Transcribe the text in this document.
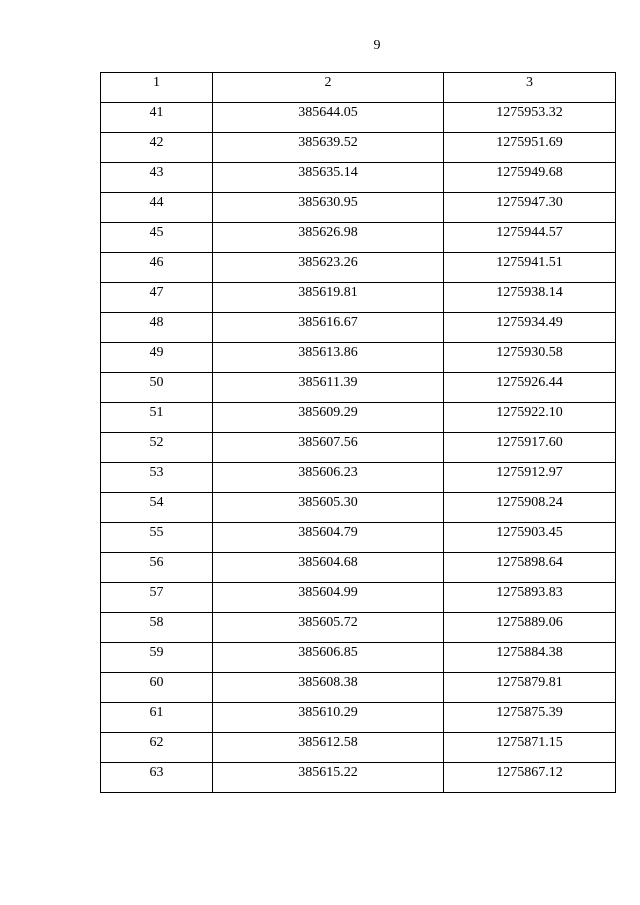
9
1	2	3
41	385644.05	1275953.32
42	385639.52	1275951.69
43	385635.14	1275949.68
44	385630.95	1275947.30
45	385626.98	1275944.57
46	385623.26	1275941.51
47	385619.81	1275938.14
48	385616.67	1275934.49
49	385613.86	1275930.58
50	385611.39	1275926.44
51	385609.29	1275922.10
52	385607.56	1275917.60
53	385606.23	1275912.97
54	385605.30	1275908.24
55	385604.79	1275903.45
56	385604.68	1275898.64
57	385604.99	1275893.83
58	385605.72	1275889.06
59	385606.85	1275884.38
60	385608.38	1275879.81
61	385610.29	1275875.39
62	385612.58	1275871.15
63	385615.22	1275867.12
